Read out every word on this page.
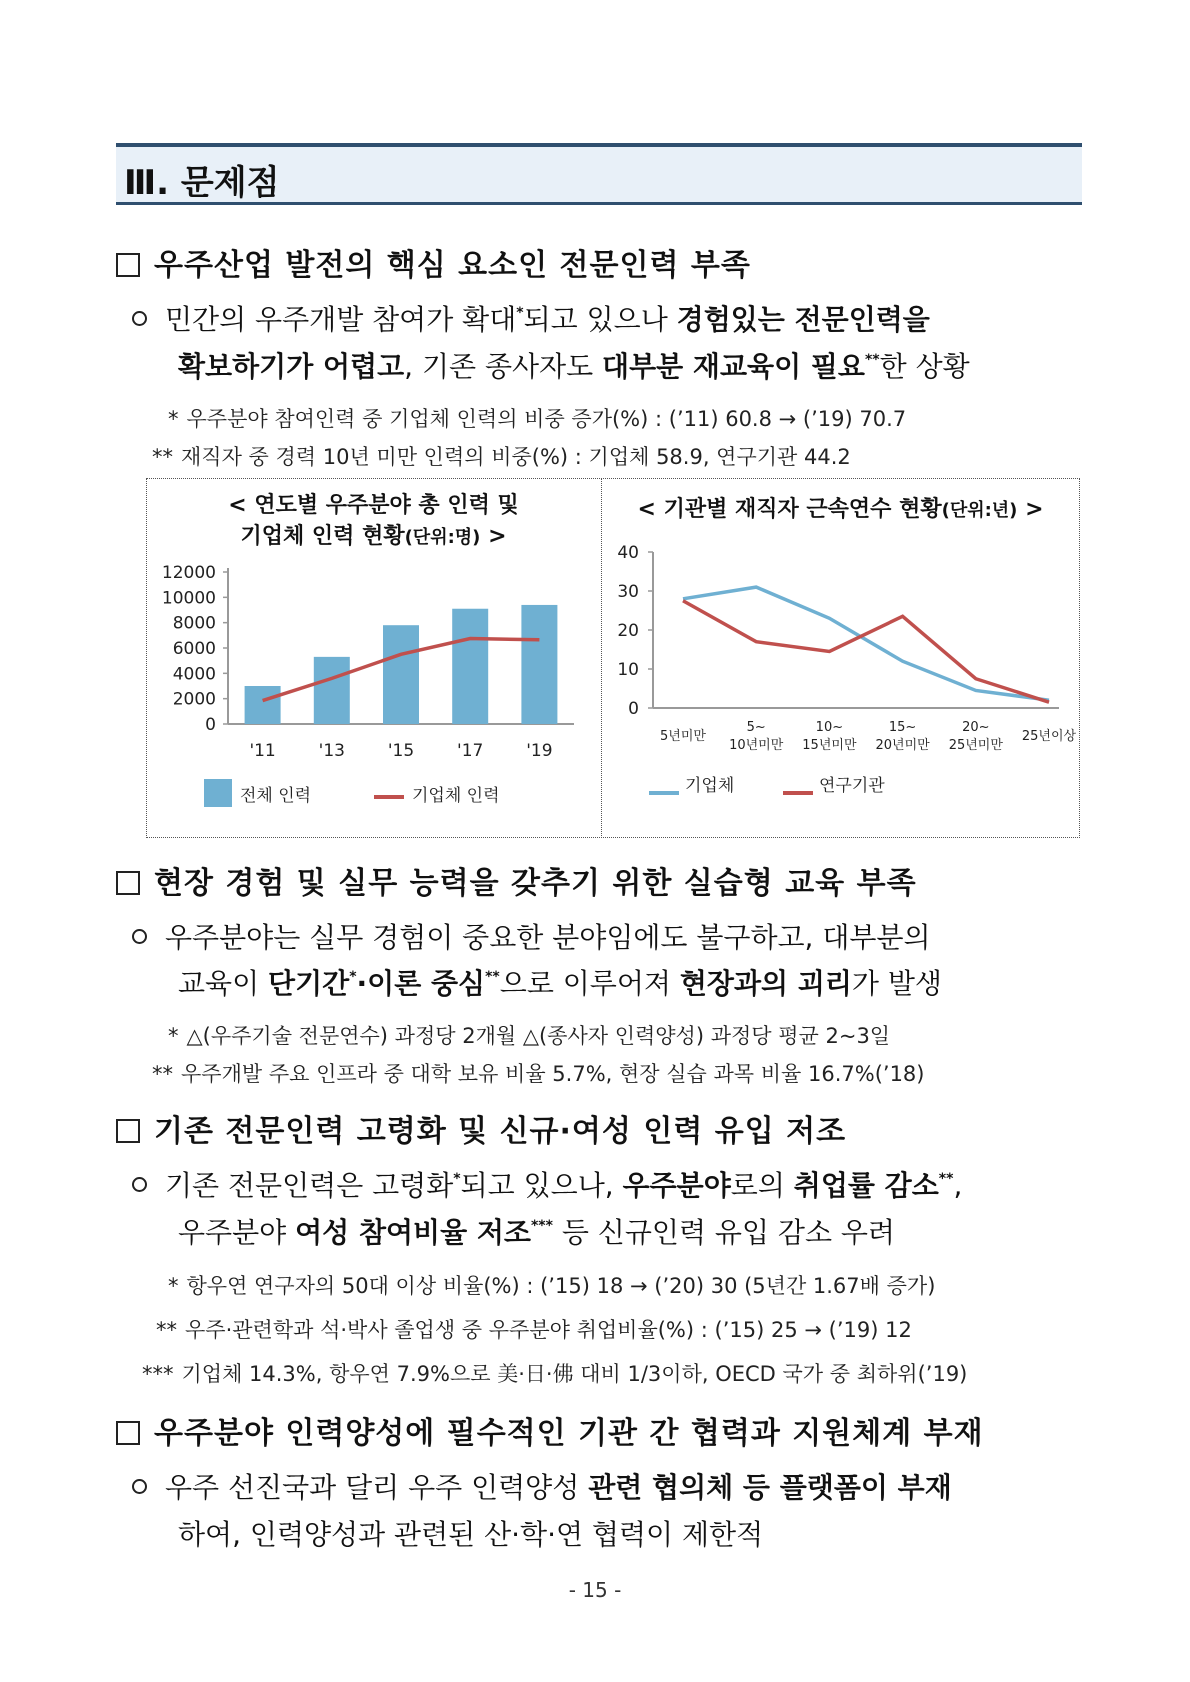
Ⅲ. 문제점
우주산업 발전의 핵심 요소인 전문인력 부족
민간의 우주개발 참여가 확대*되고 있으나 경험있는 전문인력을
확보하기가 어렵고, 기존 종사자도 대부분 재교육이 필요**한 상황
* 우주분야 참여인력 중 기업체 인력의 비중 증가(%) : (’11) 60.8 → (’19) 70.7
** 재직자 중 경력 10년 미만 인력의 비중(%) : 기업체 58.9, 연구기관 44.2
< 연도별 우주분야 총 인력 및
기업체 인력 현황(단위:명) >
< 기관별 재직자 근속연수 현황(단위:년) >
12000
10000
8000
6000
4000
2000
0
'11	'13	'15	'17	'19
전체 인력	기업체 인력
40
30
20
10
0
5년미만
5~
10년미만
10~
15년미만
15~
20년미만
20~
25년미만
25년이상
기업체	연구기관
현장 경험 및 실무 능력을 갖추기 위한 실습형 교육 부족
우주분야는 실무 경험이 중요한 분야임에도 불구하고, 대부분의
교육이 단기간*·이론 중심**으로 이루어져 현장과의 괴리가 발생
* △(우주기술 전문연수) 과정당 2개월 △(종사자 인력양성) 과정당 평균 2~3일
** 우주개발 주요 인프라 중 대학 보유 비율 5.7%, 현장 실습 과목 비율 16.7%(’18)
기존 전문인력 고령화 및 신규·여성 인력 유입 저조
기존 전문인력은 고령화*되고 있으나, 우주분야로의 취업률 감소**,
우주분야 여성 참여비율 저조*** 등 신규인력 유입 감소 우려
* 항우연 연구자의 50대 이상 비율(%) : (’15) 18 → (’20) 30 (5년간 1.67배 증가)
** 우주·관련학과 석·박사 졸업생 중 우주분야 취업비율(%) : (’15) 25 → (’19) 12
*** 기업체 14.3%, 항우연 7.9%으로 美·日·佛 대비 1/3이하, OECD 국가 중 최하위(’19)
우주분야 인력양성에 필수적인 기관 간 협력과 지원체계 부재
우주 선진국과 달리 우주 인력양성 관련 협의체 등 플랫폼이 부재
하여, 인력양성과 관련된 산·학·연 협력이 제한적
- 15 -
